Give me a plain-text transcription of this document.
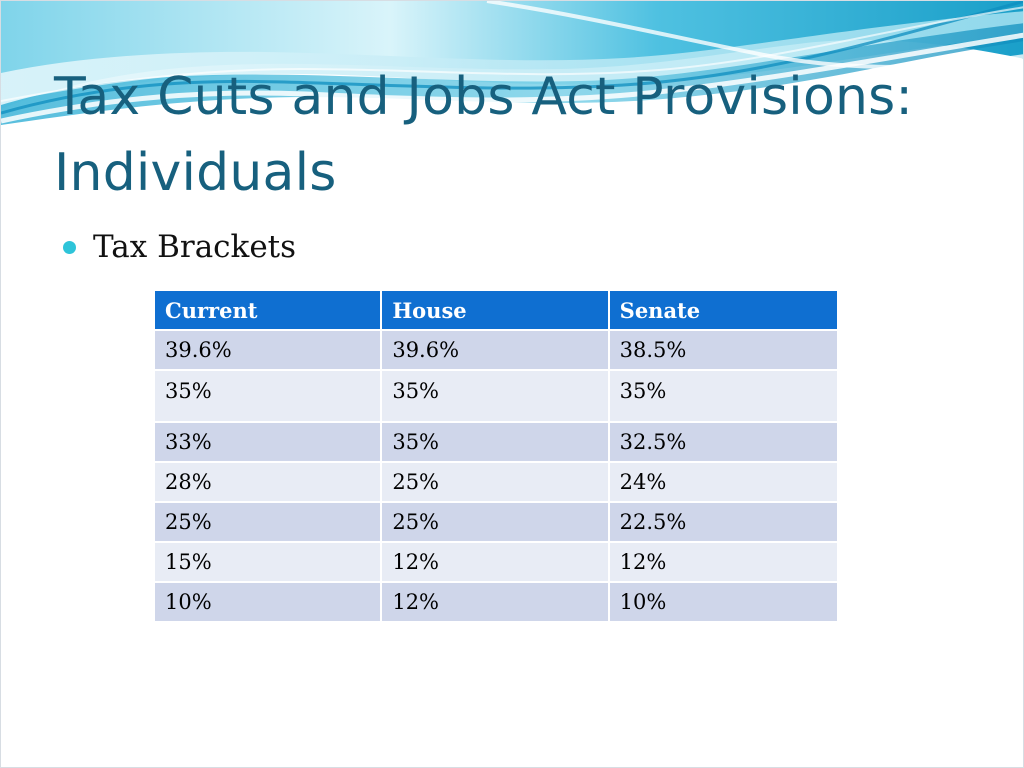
Tax Cuts and Jobs Act Provisions: Individuals
Tax Brackets
Current	House	Senate
39.6%	39.6%	38.5%
35%	35%	35%
33%	35%	32.5%
28%	25%	24%
25%	25%	22.5%
15%	12%	12%
10%	12%	10%
